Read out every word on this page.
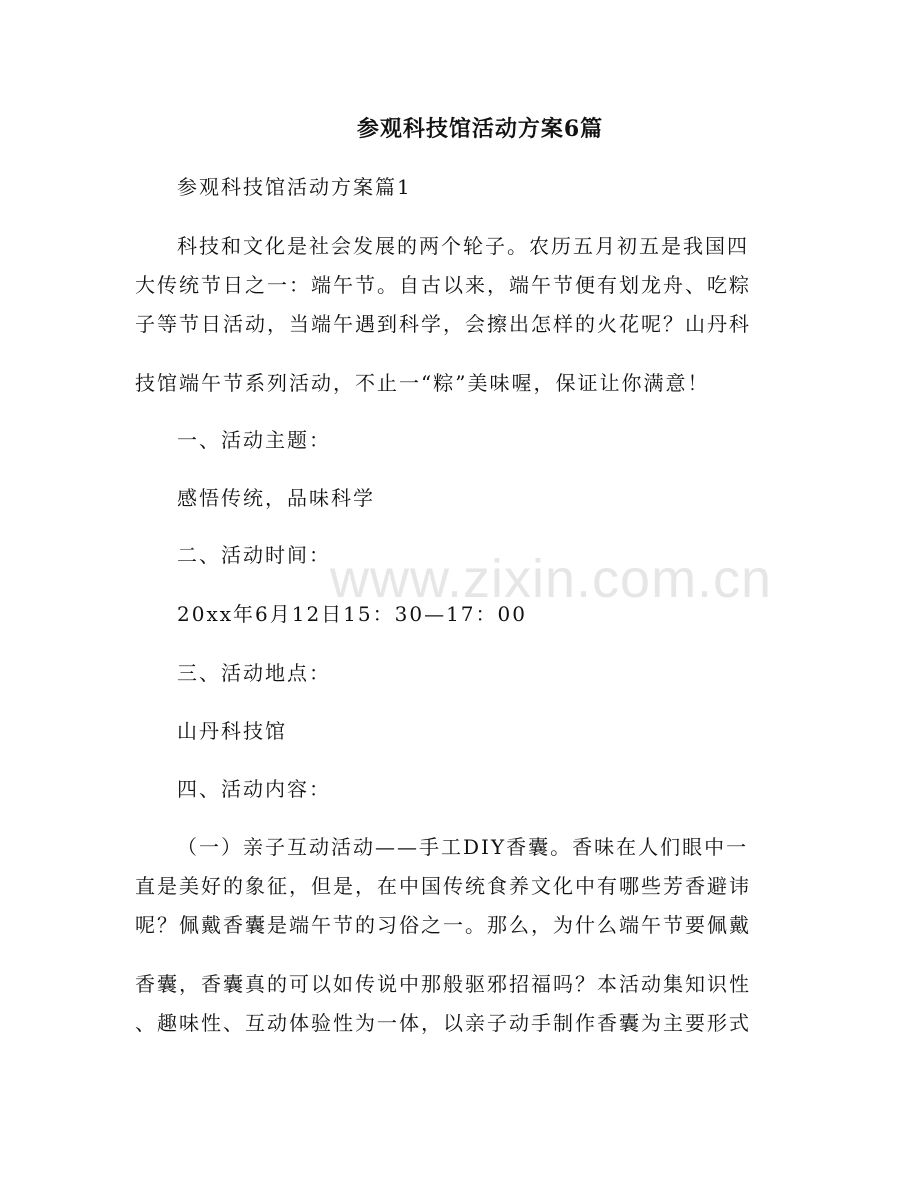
www.zixin.com.cn
参观科技馆活动方案6篇
参观科技馆活动方案篇1
科技和文化是社会发展的两个轮子。农历五月初五是我国四
大传统节日之一：端午节。自古以来，端午节便有划龙舟、吃粽
子等节日活动，当端午遇到科学，会擦出怎样的火花呢？山丹科
技馆端午节系列活动，不止一“粽”美味喔，保证让你满意！
一、活动主题：
感悟传统，品味科学
二、活动时间：
20xx年6月12日15：30—17：00
三、活动地点：
山丹科技馆
四、活动内容：
（一）亲子互动活动——手工DIY香囊。香味在人们眼中一
直是美好的象征，但是，在中国传统食养文化中有哪些芳香避讳
呢？佩戴香囊是端午节的习俗之一。那么，为什么端午节要佩戴
香囊，香囊真的可以如传说中那般驱邪招福吗？本活动集知识性
、趣味性、互动体验性为一体，以亲子动手制作香囊为主要形式
